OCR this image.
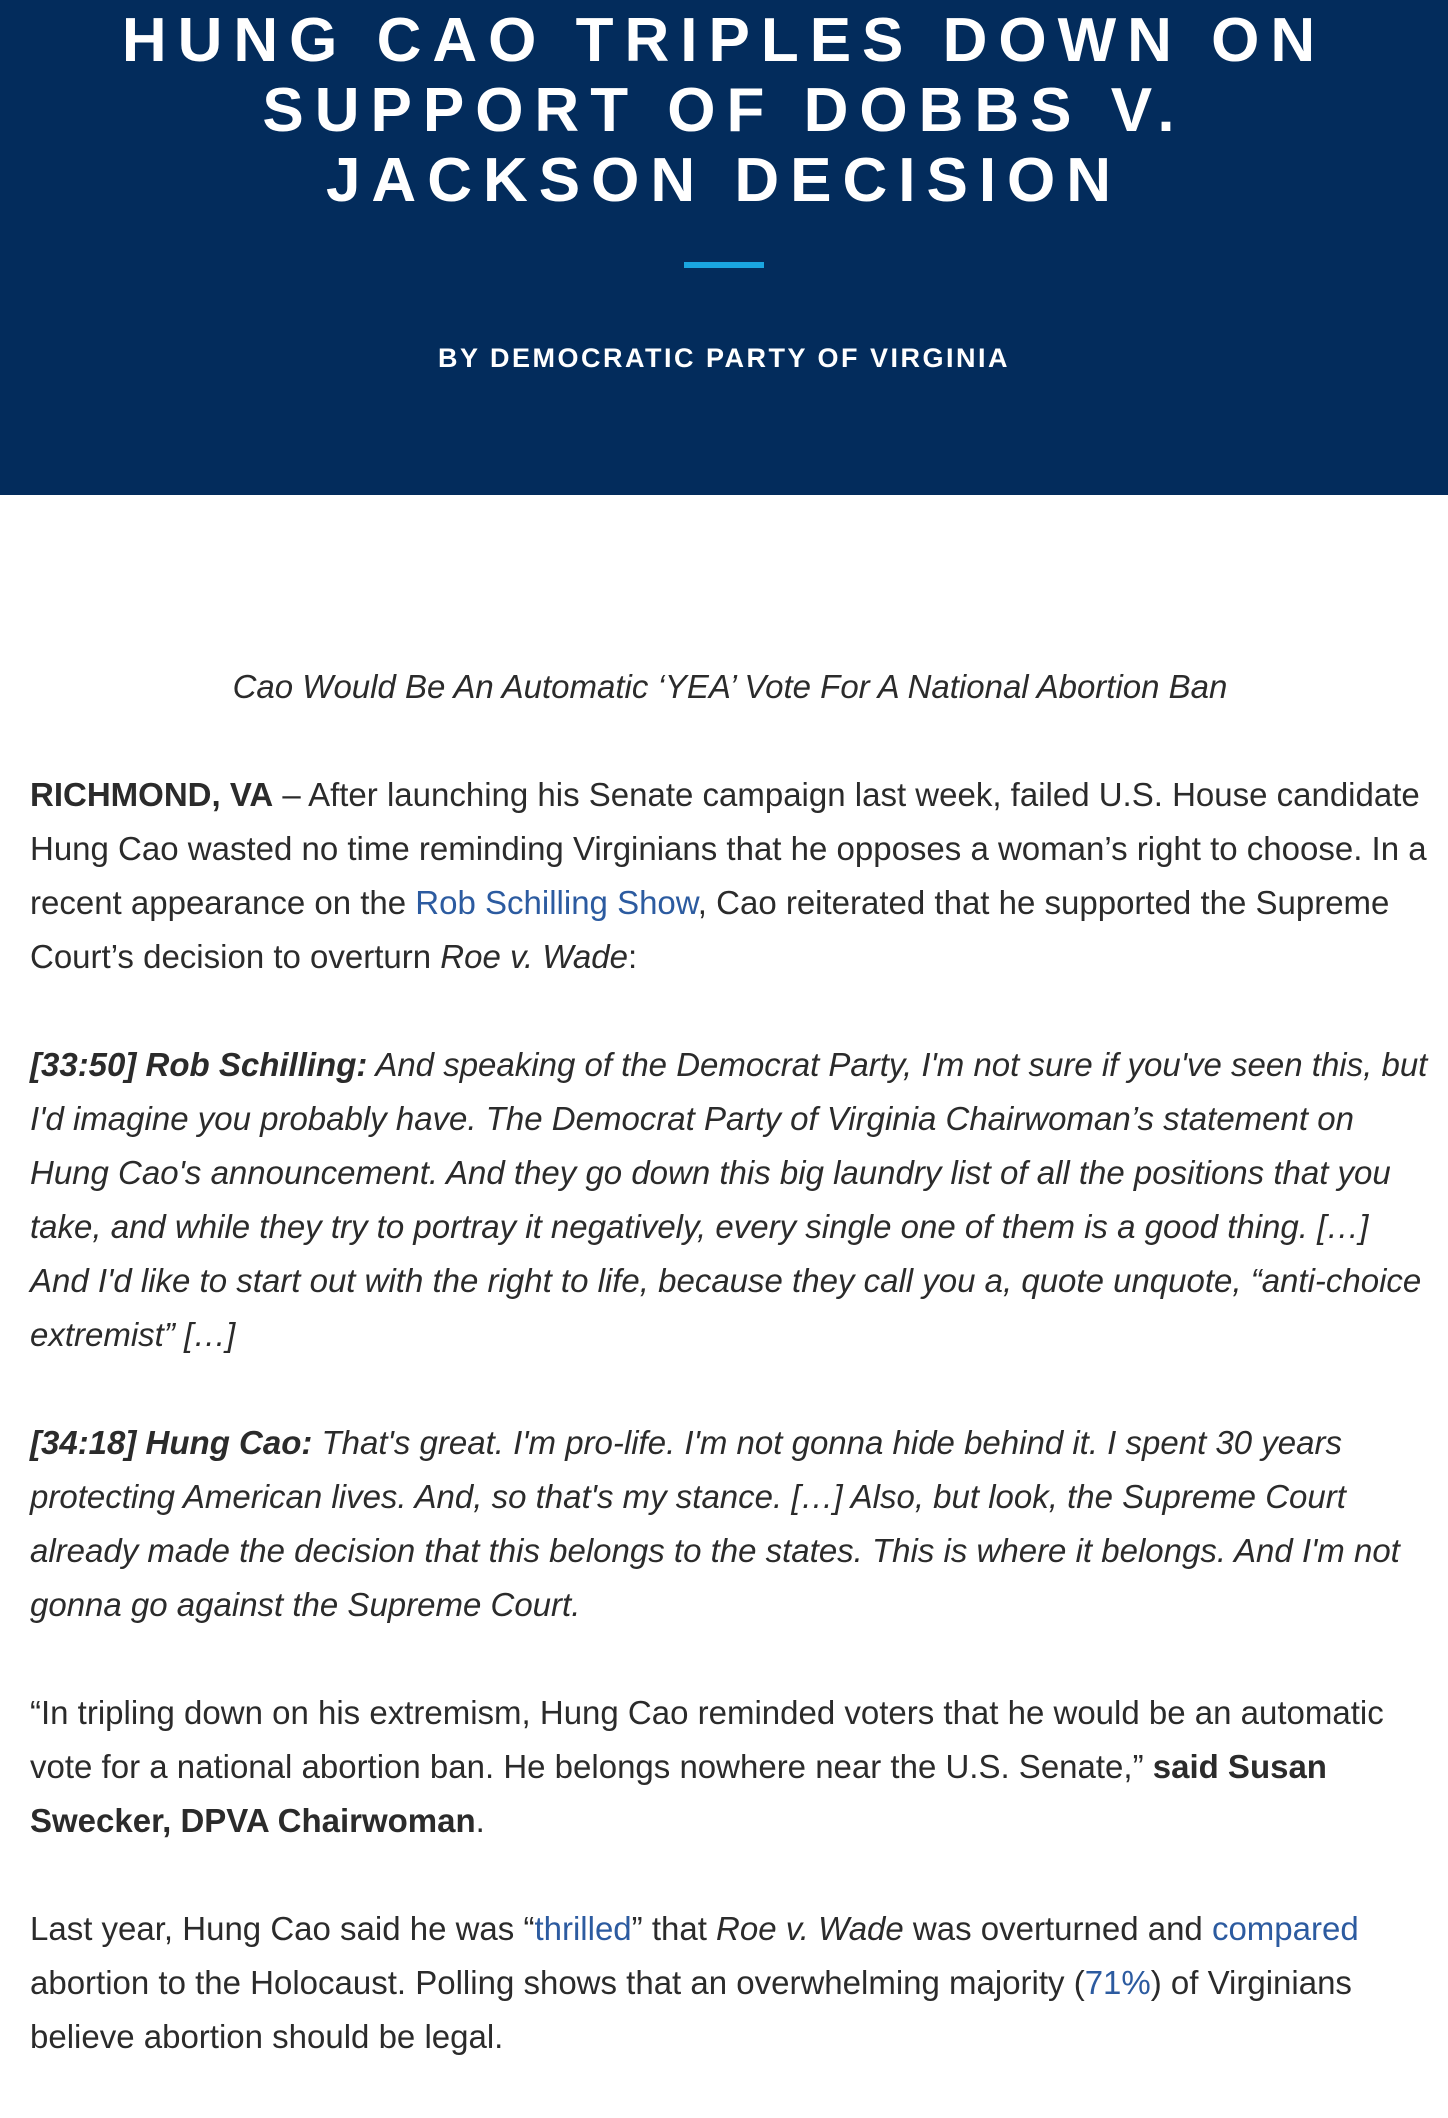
HUNG CAO TRIPLES DOWN ON SUPPORT OF DOBBS V. JACKSON DECISION
BY DEMOCRATIC PARTY OF VIRGINIA

Cao Would Be An Automatic ‘YEA’ Vote For A National Abortion Ban

RICHMOND, VA – After launching his Senate campaign last week, failed U.S. House candidate Hung Cao wasted no time reminding Virginians that he opposes a woman’s right to choose. In a recent appearance on the Rob Schilling Show, Cao reiterated that he supported the Supreme Court’s decision to overturn Roe v. Wade:

[33:50] Rob Schilling: And speaking of the Democrat Party, I'm not sure if you've seen this, but I'd imagine you probably have. The Democrat Party of Virginia Chairwoman’s statement on Hung Cao's announcement. And they go down this big laundry list of all the positions that you take, and while they try to portray it negatively, every single one of them is a good thing. […] And I'd like to start out with the right to life, because they call you a, quote unquote, “anti-choice extremist” […]

[34:18] Hung Cao: That's great. I'm pro-life. I'm not gonna hide behind it. I spent 30 years protecting American lives. And, so that's my stance. […] Also, but look, the Supreme Court already made the decision that this belongs to the states. This is where it belongs. And I'm not gonna go against the Supreme Court.

“In tripling down on his extremism, Hung Cao reminded voters that he would be an automatic vote for a national abortion ban. He belongs nowhere near the U.S. Senate,” said Susan Swecker, DPVA Chairwoman.

Last year, Hung Cao said he was “thrilled” that Roe v. Wade was overturned and compared abortion to the Holocaust. Polling shows that an overwhelming majority (71%) of Virginians believe abortion should be legal.
